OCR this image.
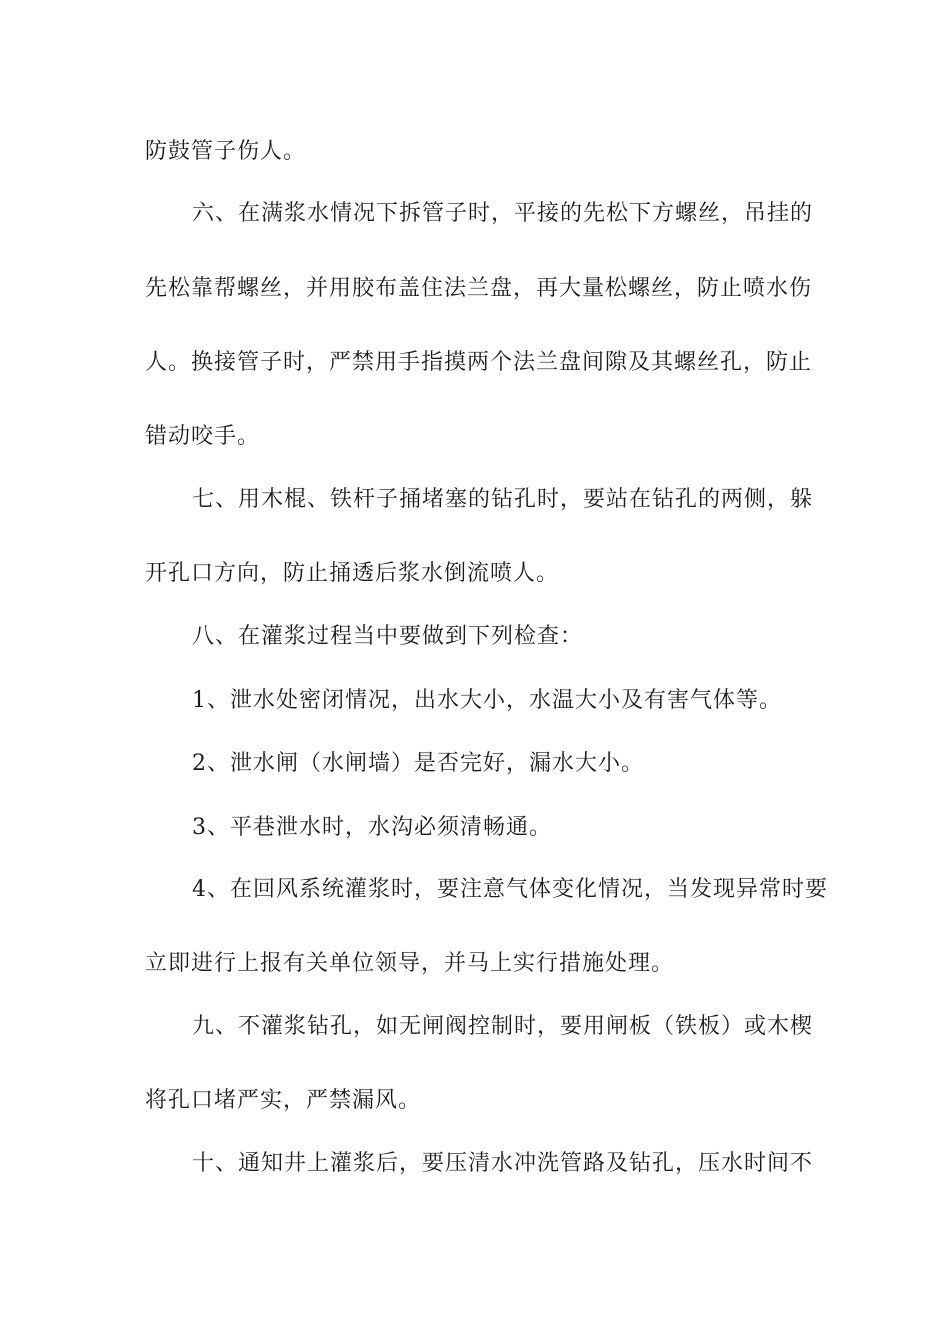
防鼓管子伤人。
六、在满浆水情况下拆管子时，平接的先松下方螺丝，吊挂的
先松靠帮螺丝，并用胶布盖住法兰盘，再大量松螺丝，防止喷水伤
人。换接管子时，严禁用手指摸两个法兰盘间隙及其螺丝孔，防止
错动咬手。
七、用木棍、铁杆子捅堵塞的钻孔时，要站在钻孔的两侧，躲
开孔口方向，防止捅透后浆水倒流喷人。
八、在灌浆过程当中要做到下列检查：
1、泄水处密闭情况，出水大小，水温大小及有害气体等。
2、泄水闸（水闸墙）是否完好，漏水大小。
3、平巷泄水时，水沟必须清畅通。
4、在回风系统灌浆时，要注意气体变化情况，当发现异常时要
立即进行上报有关单位领导，并马上实行措施处理。
九、不灌浆钻孔，如无闸阀控制时，要用闸板（铁板）或木楔
将孔口堵严实，严禁漏风。
十、通知井上灌浆后，要压清水冲洗管路及钻孔，压水时间不
